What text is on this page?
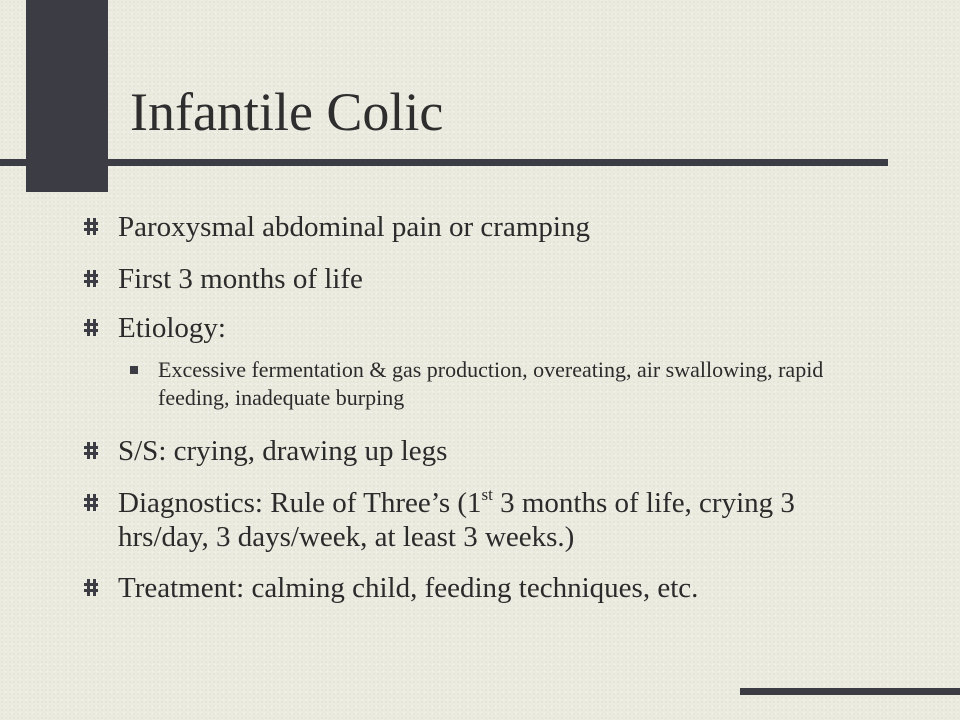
Infantile Colic
Paroxysmal abdominal pain or cramping
First 3 months of life
Etiology:
Excessive fermentation & gas production, overeating, air swallowing, rapid feeding, inadequate burping
S/S: crying, drawing up legs
Diagnostics: Rule of Three’s (1st 3 months of life, crying 3 hrs/day, 3 days/week, at least 3 weeks.)
Treatment: calming child, feeding techniques, etc.
